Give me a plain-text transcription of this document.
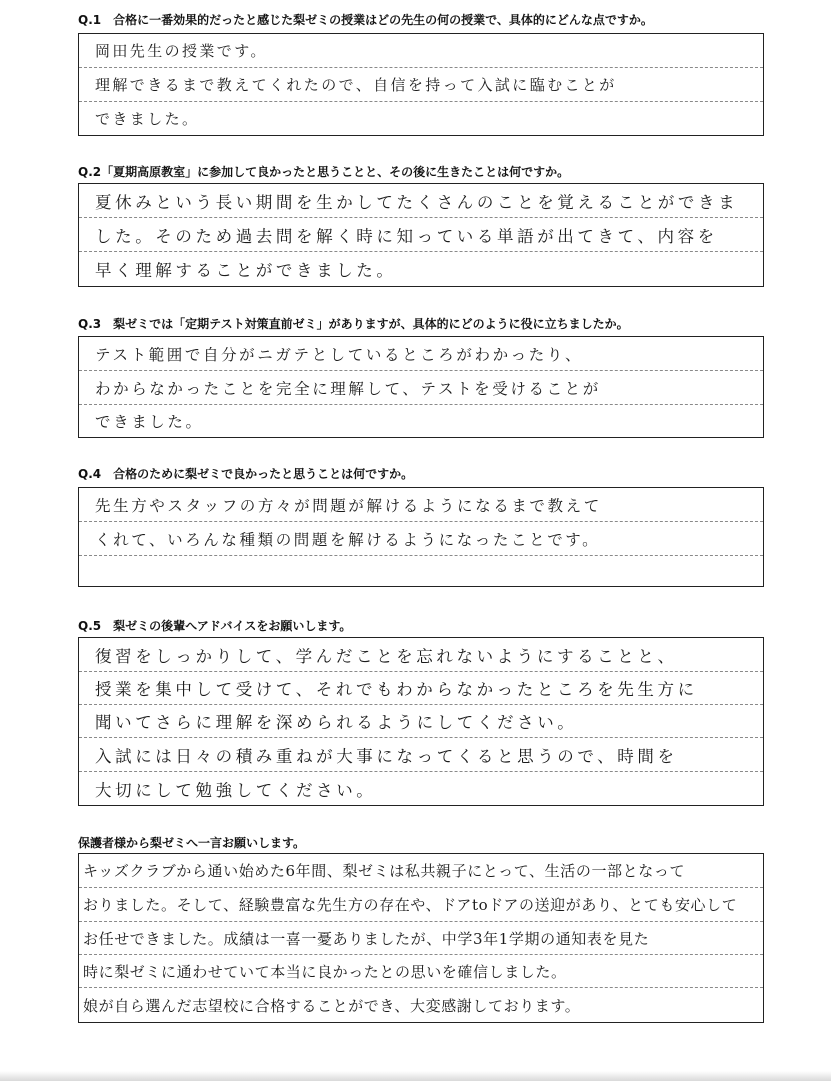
Q.1　合格に一番効果的だったと感じた梨ゼミの授業はどの先生の何の授業で、具体的にどんな点ですか。
岡田先生の授業です。
理解できるまで教えてくれたので、自信を持って入試に臨むことが
できました。
Q.2「夏期高原教室」に参加して良かったと思うことと、その後に生きたことは何ですか。
夏休みという長い期間を生かしてたくさんのことを覚えることができま
した。そのため過去問を解く時に知っている単語が出てきて、内容を
早く理解することができました。
Q.3　梨ゼミでは「定期テスト対策直前ゼミ」がありますが、具体的にどのように役に立ちましたか。
テスト範囲で自分がニガテとしているところがわかったり、
わからなかったことを完全に理解して、テストを受けることが
できました。
Q.4　合格のために梨ゼミで良かったと思うことは何ですか。
先生方やスタッフの方々が問題が解けるようになるまで教えて
くれて、いろんな種類の問題を解けるようになったことです。
Q.5　梨ゼミの後輩へアドバイスをお願いします。
復習をしっかりして、学んだことを忘れないようにすることと、
授業を集中して受けて、それでもわからなかったところを先生方に
聞いてさらに理解を深められるようにしてください。
入試には日々の積み重ねが大事になってくると思うので、時間を
大切にして勉強してください。
保護者様から梨ゼミへ一言お願いします。
キッズクラブから通い始めた6年間、梨ゼミは私共親子にとって、生活の一部となって
おりました。そして、経験豊富な先生方の存在や、ドアtoドアの送迎があり、とても安心して
お任せできました。成績は一喜一憂ありましたが、中学3年1学期の通知表を見た
時に梨ゼミに通わせていて本当に良かったとの思いを確信しました。
娘が自ら選んだ志望校に合格することができ、大変感謝しております。
